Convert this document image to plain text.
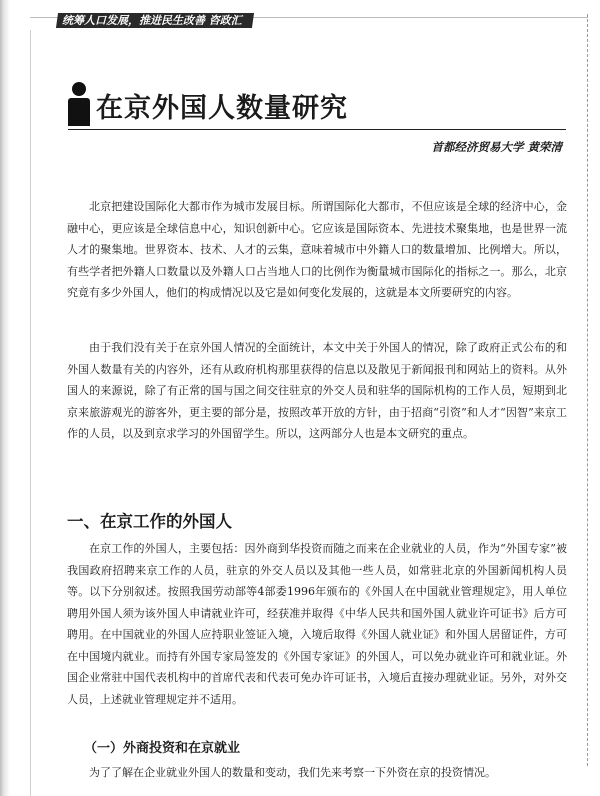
统筹人口发展，推进民生改善 咨政汇编
在京外国人数量研究
首都经济贸易大学 黄荣清

北京把建设国际化大都市作为城市发展目标。所谓国际化大都市，不但应该是全球的经济中心，金融中心，更应该是全球信息中心，知识创新中心。它应该是国际资本、先进技术聚集地，也是世界一流人才的聚集地。世界资本、技术、人才的云集，意味着城市中外籍人口的数量增加、比例增大。所以，有些学者把外籍人口数量以及外籍人口占当地人口的比例作为衡量城市国际化的指标之一。那么，北京究竟有多少外国人，他们的构成情况以及它是如何变化发展的，这就是本文所要研究的内容。

由于我们没有关于在京外国人情况的全面统计，本文中关于外国人的情况，除了政府正式公布的和外国人数量有关的内容外，还有从政府机构那里获得的信息以及散见于新闻报刊和网站上的资料。从外国人的来源说，除了有正常的国与国之间交往驻京的外交人员和驻华的国际机构的工作人员，短期到北京来旅游观光的游客外，更主要的部分是，按照改革开放的方针，由于招商“引资”和人才“因智”来京工作的人员，以及到京求学习的外国留学生。所以，这两部分人也是本文研究的重点。

一、在京工作的外国人

在京工作的外国人，主要包括：因外商到华投资而随之而来在企业就业的人员，作为“外国专家”被我国政府招聘来京工作的人员，驻京的外交人员以及其他一些人员，如常驻北京的外国新闻机构人员等。以下分别叙述。按照我国劳动部等4部委1996年颁布的《外国人在中国就业管理规定》，用人单位聘用外国人须为该外国人申请就业许可，经获准并取得《中华人民共和国外国人就业许可证书》后方可聘用。在中国就业的外国人应持职业签证入境，入境后取得《外国人就业证》和外国人居留证件，方可在中国境内就业。而持有外国专家局签发的《外国专家证》的外国人，可以免办就业许可和就业证。外国企业常驻中国代表机构中的首席代表和代表可免办许可证书，入境后直接办理就业证。另外，对外交人员，上述就业管理规定并不适用。

（一）外商投资和在京就业

为了了解在企业就业外国人的数量和变动，我们先来考察一下外资在京的投资情况。
